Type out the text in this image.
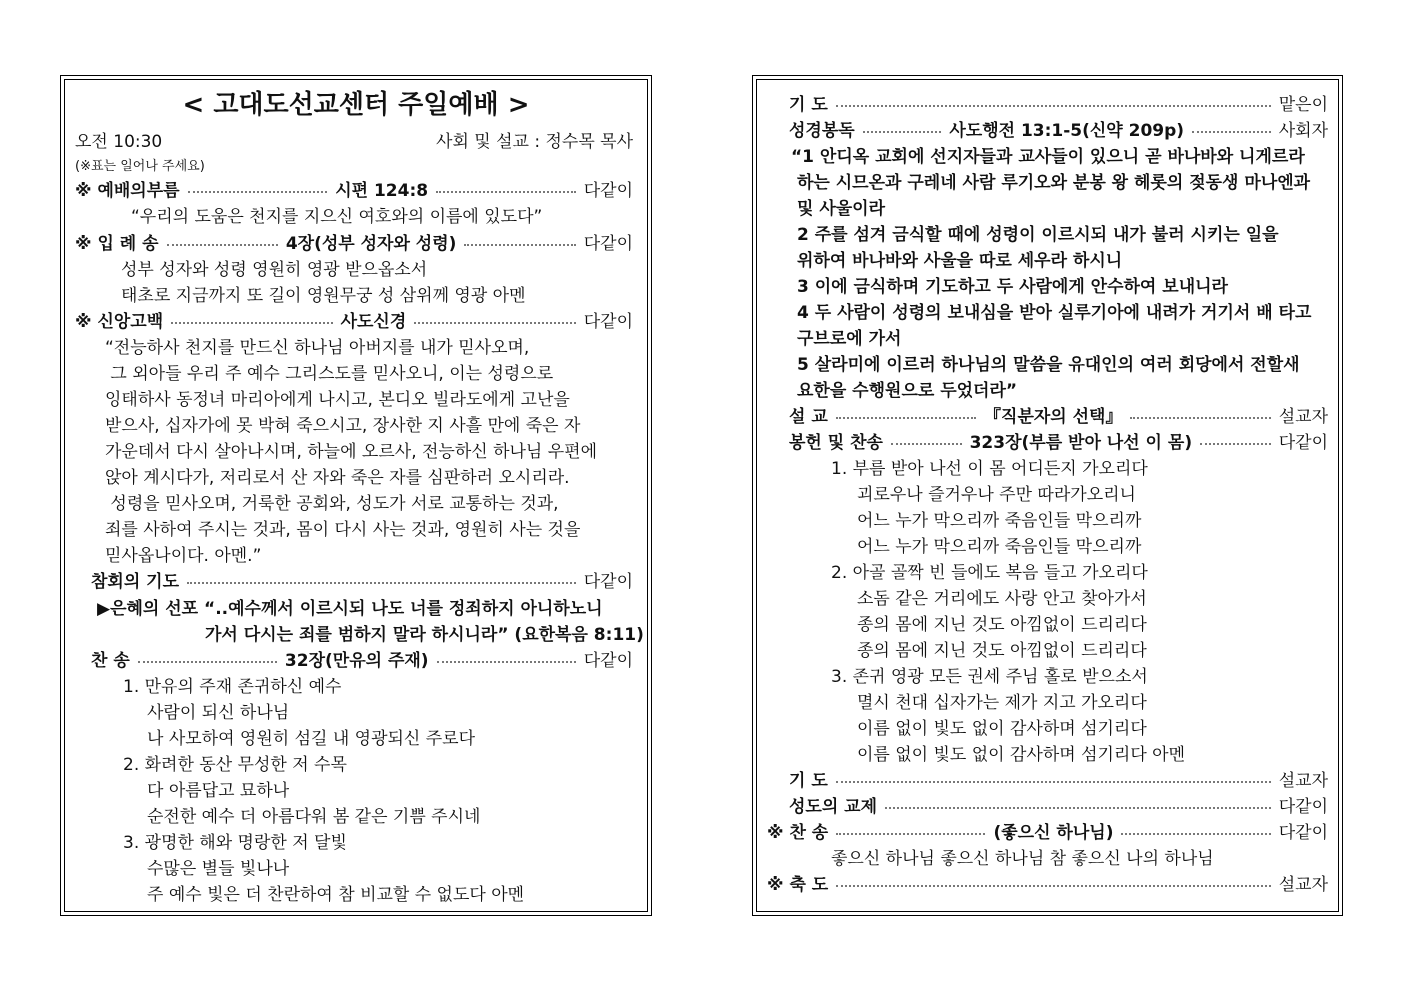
< 고대도선교센터 주일예배 >
오전 10:30	사회 및 설교 : 정수목 목사
(※표는 일어나 주세요)
※ 예배의부름	시편 124:8	다같이
“우리의 도움은 천지를 지으신 여호와의 이름에 있도다”
※ 입 례 송	4장(성부 성자와 성령)	다같이
성부 성자와 성령 영원히 영광 받으옵소서
태초로 지금까지 또 길이 영원무궁 성 삼위께 영광 아멘
※ 신앙고백	사도신경	다같이
“전능하사 천지를 만드신 하나님 아버지를 내가 믿사오며,
그 외아들 우리 주 예수 그리스도를 믿사오니, 이는 성령으로
잉태하사 동정녀 마리아에게 나시고, 본디오 빌라도에게 고난을
받으사, 십자가에 못 박혀 죽으시고, 장사한 지 사흘 만에 죽은 자
가운데서 다시 살아나시며, 하늘에 오르사, 전능하신 하나님 우편에
앉아 계시다가, 저리로서 산 자와 죽은 자를 심판하러 오시리라.
성령을 믿사오며, 거룩한 공회와, 성도가 서로 교통하는 것과,
죄를 사하여 주시는 것과, 몸이 다시 사는 것과, 영원히 사는 것을
믿사옵나이다. 아멘.”
참회의 기도	다같이
▶은혜의 선포 “..예수께서 이르시되 나도 너를 정죄하지 아니하노니
가서 다시는 죄를 범하지 말라 하시니라” (요한복음 8:11)
찬 송	32장(만유의 주재)	다같이
1. 만유의 주재 존귀하신 예수
사람이 되신 하나님
나 사모하여 영원히 섬길 내 영광되신 주로다
2. 화려한 동산 무성한 저 수목
다 아름답고 묘하나
순전한 예수 더 아름다워 봄 같은 기쁨 주시네
3. 광명한 해와 명랑한 저 달빛
수많은 별들 빛나나
주 예수 빛은 더 찬란하여 참 비교할 수 없도다 아멘
기 도	맡은이
성경봉독	사도행전 13:1-5(신약 209p)	사회자
“1 안디옥 교회에 선지자들과 교사들이 있으니 곧 바나바와 니게르라
하는 시므온과 구레네 사람 루기오와 분봉 왕 헤롯의 젖동생 마나엔과
및 사울이라
2 주를 섬겨 금식할 때에 성령이 이르시되 내가 불러 시키는 일을
위하여 바나바와 사울을 따로 세우라 하시니
3 이에 금식하며 기도하고 두 사람에게 안수하여 보내니라
4 두 사람이 성령의 보내심을 받아 실루기아에 내려가 거기서 배 타고
구브로에 가서
5 살라미에 이르러 하나님의 말씀을 유대인의 여러 회당에서 전할새
요한을 수행원으로 두었더라”
설 교	『직분자의 선택』	설교자
봉헌 및 찬송	323장(부름 받아 나선 이 몸)	다같이
1. 부름 받아 나선 이 몸 어디든지 가오리다
괴로우나 즐거우나 주만 따라가오리니
어느 누가 막으리까 죽음인들 막으리까
어느 누가 막으리까 죽음인들 막으리까
2. 아골 골짝 빈 들에도 복음 들고 가오리다
소돔 같은 거리에도 사랑 안고 찾아가서
종의 몸에 지닌 것도 아낌없이 드리리다
종의 몸에 지닌 것도 아낌없이 드리리다
3. 존귀 영광 모든 권세 주님 홀로 받으소서
멸시 천대 십자가는 제가 지고 가오리다
이름 없이 빛도 없이 감사하며 섬기리다
이름 없이 빛도 없이 감사하며 섬기리다 아멘
기 도	설교자
성도의 교제	다같이
※ 찬 송	(좋으신 하나님)	다같이
좋으신 하나님 좋으신 하나님 참 좋으신 나의 하나님
※ 축 도	설교자
